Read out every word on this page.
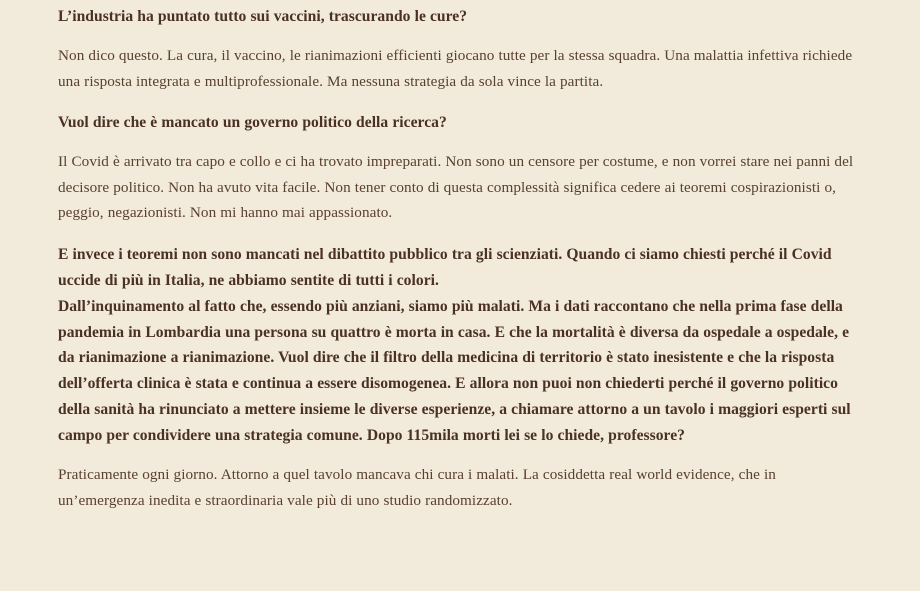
L’industria ha puntato tutto sui vaccini, trascurando le cure?

Non dico questo. La cura, il vaccino, le rianimazioni efficienti giocano tutte per la stessa squadra. Una malattia infettiva richiede una risposta integrata e multiprofessionale. Ma nessuna strategia da sola vince la partita.

Vuol dire che è mancato un governo politico della ricerca?

Il Covid è arrivato tra capo e collo e ci ha trovato impreparati. Non sono un censore per costume, e non vorrei stare nei panni del decisore politico. Non ha avuto vita facile. Non tener conto di questa complessità significa cedere ai teoremi cospirazionisti o, peggio, negazionisti. Non mi hanno mai appassionato.

E invece i teoremi non sono mancati nel dibattito pubblico tra gli scienziati. Quando ci siamo chiesti perché il Covid uccide di più in Italia, ne abbiamo sentite di tutti i colori.

Dall’inquinamento al fatto che, essendo più anziani, siamo più malati. Ma i dati raccontano che nella prima fase della pandemia in Lombardia una persona su quattro è morta in casa. E che la mortalità è diversa da ospedale a ospedale, e da rianimazione a rianimazione. Vuol dire che il filtro della medicina di territorio è stato inesistente e che la risposta dell’offerta clinica è stata e continua a essere disomogenea. E allora non puoi non chiederti perché il governo politico della sanità ha rinunciato a mettere insieme le diverse esperienze, a chiamare attorno a un tavolo i maggiori esperti sul campo per condividere una strategia comune. Dopo 115mila morti lei se lo chiede, professore?

Praticamente ogni giorno. Attorno a quel tavolo mancava chi cura i malati. La cosiddetta real world evidence, che in un’emergenza inedita e straordinaria vale più di uno studio randomizzato.
